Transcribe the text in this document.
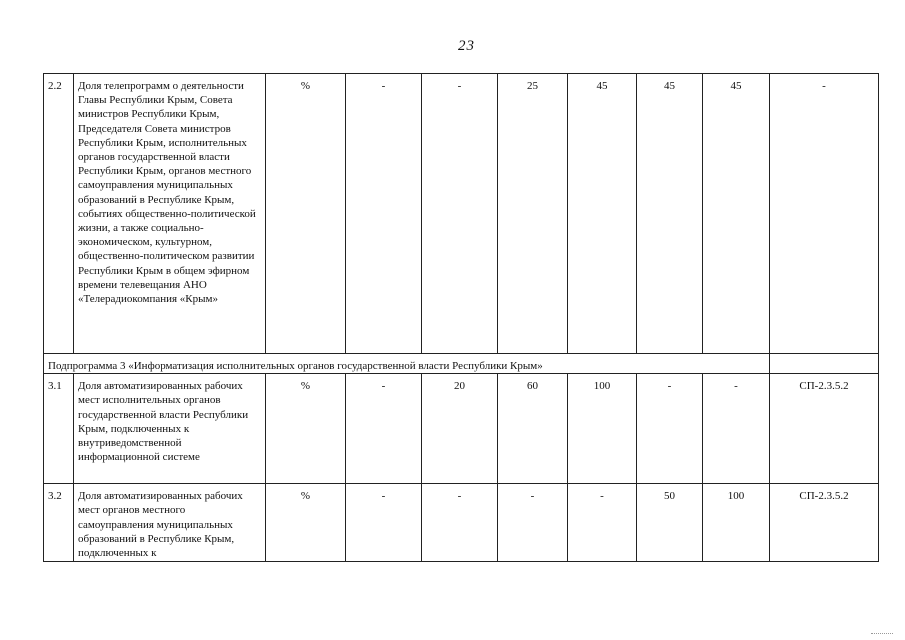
23
2.2	Доля телепрограмм о деятельности Главы Республики Крым, Совета министров Республики Крым, Председателя Совета министров Республики Крым, исполнительных органов государственной власти Республики Крым, органов местного самоуправления муниципальных образований в Республике Крым, событиях общественно-политической жизни, а также социально-экономическом, культурном, общественно-политическом развитии Республики Крым в общем эфирном времени телевещания АНО «Телерадиокомпания «Крым»	%	-	-	25	45	45	45	-
Подпрограмма 3 «Информатизация исполнительных органов государственной власти Республики Крым»									
3.1	Доля автоматизированных рабочих мест исполнительных органов государственной власти Республики Крым, подключенных к внутриведомственной информационной системе	%	-	20	60	100	-	-	СП-2.3.5.2
3.2	Доля автоматизированных рабочих мест органов местного самоуправления муниципальных образований в Республике Крым, подключенных к	%	-	-	-	-	50	100	СП-2.3.5.2
